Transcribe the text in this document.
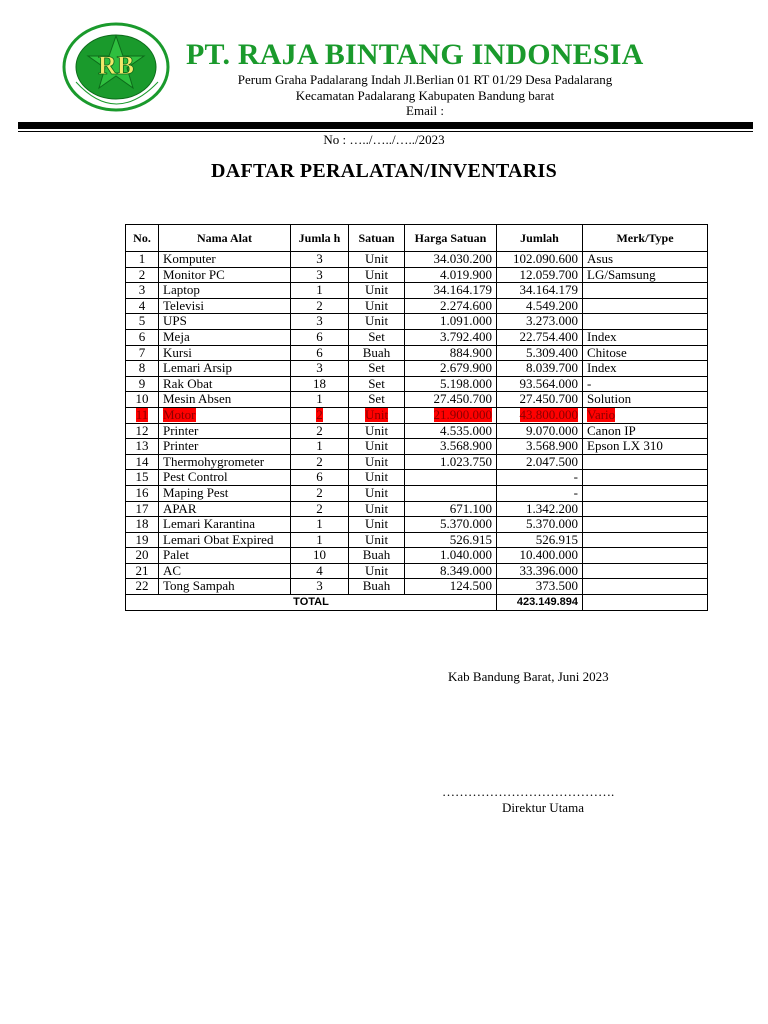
RB PT. RAJA BINTANG INDONESIA
Perum Graha Padalarang Indah Jl.Berlian 01 RT 01/29 Desa Padalarang
Kecamatan Padalarang Kabupaten Bandung barat
Email :
No : …../…../…../2023
DAFTAR PERALATAN/INVENTARIS
No.	Nama Alat	Jumla h	Satuan	Harga Satuan	Jumlah	Merk/Type
1	Komputer	3	Unit	34.030.200	102.090.600	Asus
2	Monitor PC	3	Unit	4.019.900	12.059.700	LG/Samsung
3	Laptop	1	Unit	34.164.179	34.164.179	
4	Televisi	2	Unit	2.274.600	4.549.200	
5	UPS	3	Unit	1.091.000	3.273.000	
6	Meja	6	Set	3.792.400	22.754.400	Index
7	Kursi	6	Buah	884.900	5.309.400	Chitose
8	Lemari Arsip	3	Set	2.679.900	8.039.700	Index
9	Rak Obat	18	Set	5.198.000	93.564.000	-
10	Mesin Absen	1	Set	27.450.700	27.450.700	Solution
11	Motor	2	Unit	21.900.000	43.800.000	Vario
12	Printer	2	Unit	4.535.000	9.070.000	Canon IP
13	Printer	1	Unit	3.568.900	3.568.900	Epson LX 310
14	Thermohygrometer	2	Unit	1.023.750	2.047.500	
15	Pest Control	6	Unit		-	
16	Maping Pest	2	Unit		-	
17	APAR	2	Unit	671.100	1.342.200	
18	Lemari Karantina	1	Unit	5.370.000	5.370.000	
19	Lemari Obat Expired	1	Unit	526.915	526.915	
20	Palet	10	Buah	1.040.000	10.400.000	
21	AC	4	Unit	8.349.000	33.396.000	
22	Tong Sampah	3	Buah	124.500	373.500	
TOTAL					423.149.894	
Kab Bandung Barat, Juni 2023
………………………………….
Direktur Utama
